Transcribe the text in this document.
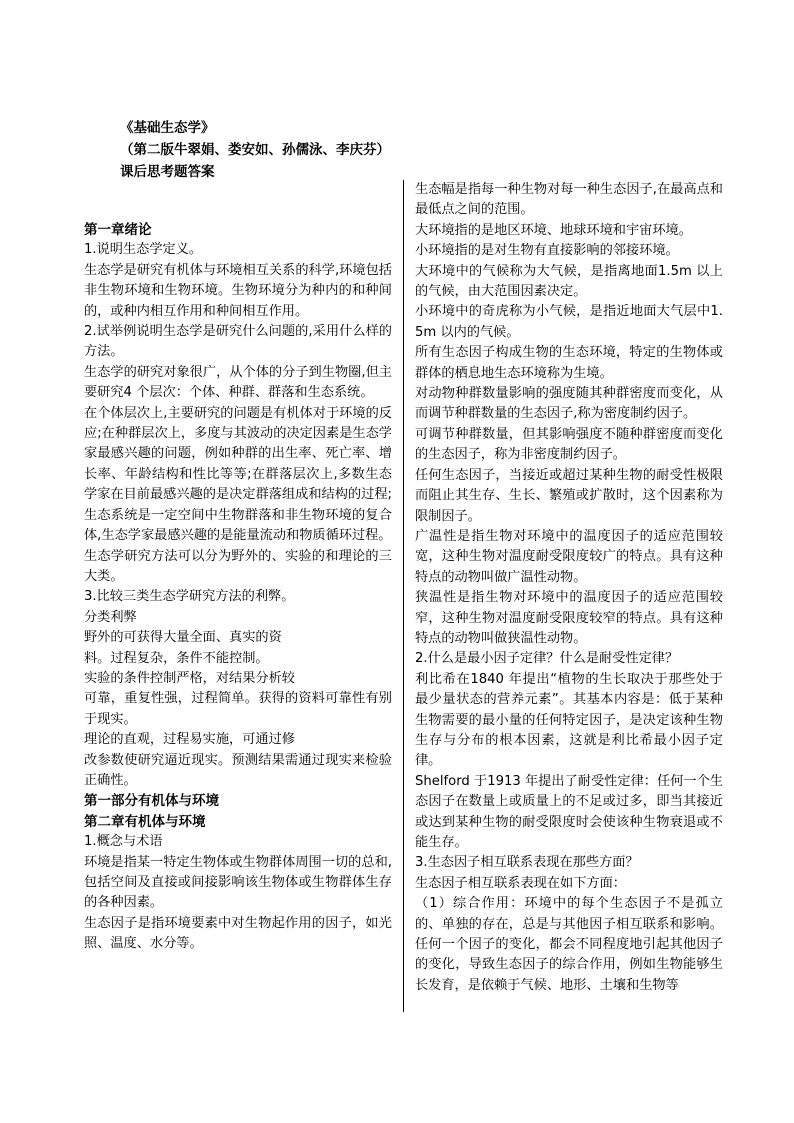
《基础生态学》
（第二版牛翠娟、娄安如、孙儒泳、李庆芬）
课后思考题答案
第一章绪论
1.说明生态学定义。
生态学是研究有机体与环境相互关系的科学,环境包括非生物环境和生物环境。生物环境分为种内的和种间的，或种内相互作用和种间相互作用。
2.试举例说明生态学是研究什么问题的,采用什么样的方法。
生态学的研究对象很广，从个体的分子到生物圈,但主要研究4 个层次：个体、种群、群落和生态系统。
在个体层次上,主要研究的问题是有机体对于环境的反应;在种群层次上，多度与其波动的决定因素是生态学家最感兴趣的问题，例如种群的出生率、死亡率、增长率、年龄结构和性比等等;在群落层次上,多数生态学家在目前最感兴趣的是决定群落组成和结构的过程;生态系统是一定空间中生物群落和非生物环境的复合体,生态学家最感兴趣的是能量流动和物质循环过程。
生态学研究方法可以分为野外的、实验的和理论的三大类。
3.比较三类生态学研究方法的利弊。
分类利弊
野外的可获得大量全面、真实的资
料。过程复杂，条件不能控制。
实验的条件控制严格，对结果分析较
可靠，重复性强，过程简单。获得的资料可靠性有别于现实。
理论的直观，过程易实施，可通过修
改参数使研究逼近现实。预测结果需通过现实来检验正确性。
第一部分有机体与环境
第二章有机体与环境
1.概念与术语
环境是指某一特定生物体或生物群体周围一切的总和,包括空间及直接或间接影响该生物体或生物群体生存的各种因素。
生态因子是指环境要素中对生物起作用的因子，如光照、温度、水分等。
生态幅是指每一种生物对每一种生态因子,在最高点和最低点之间的范围。
大环境指的是地区环境、地球环境和宇宙环境。
小环境指的是对生物有直接影响的邻接环境。
大环境中的气候称为大气候，是指离地面1.5m 以上的气候，由大范围因素决定。
小环境中的奇虎称为小气候，是指近地面大气层中1.5m 以内的气候。
所有生态因子构成生物的生态环境，特定的生物体或群体的栖息地生态环境称为生境。
对动物种群数量影响的强度随其种群密度而变化，从而调节种群数量的生态因子,称为密度制约因子。
可调节种群数量，但其影响强度不随种群密度而变化的生态因子，称为非密度制约因子。
任何生态因子，当接近或超过某种生物的耐受性极限而阻止其生存、生长、繁殖或扩散时，这个因素称为限制因子。
广温性是指生物对环境中的温度因子的适应范围较宽，这种生物对温度耐受限度较广的特点。具有这种特点的动物叫做广温性动物。
狭温性是指生物对环境中的温度因子的适应范围较窄，这种生物对温度耐受限度较窄的特点。具有这种特点的动物叫做狭温性动物。
2.什么是最小因子定律？什么是耐受性定律？
利比希在1840 年提出“植物的生长取决于那些处于最少量状态的营养元素”。其基本内容是：低于某种生物需要的最小量的任何特定因子，是决定该种生物生存与分布的根本因素，这就是利比希最小因子定律。
Shelford 于1913 年提出了耐受性定律：任何一个生态因子在数量上或质量上的不足或过多，即当其接近或达到某种生物的耐受限度时会使该种生物衰退或不能生存。
3.生态因子相互联系表现在那些方面？
生态因子相互联系表现在如下方面：
（1）综合作用：环境中的每个生态因子不是孤立的、单独的存在，总是与其他因子相互联系和影响。任何一个因子的变化，都会不同程度地引起其他因子的变化，导致生态因子的综合作用，例如生物能够生长发育，是依赖于气候、地形、土壤和生物等
